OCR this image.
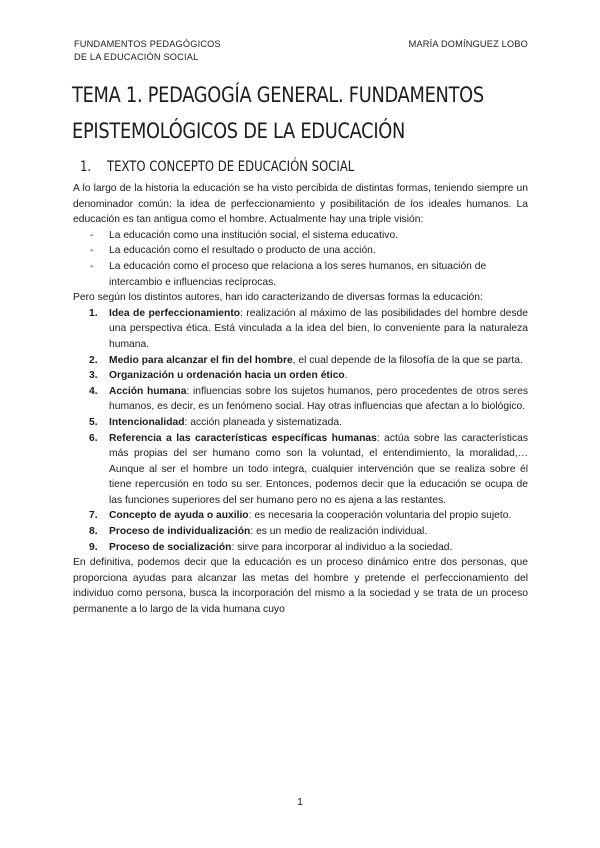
FUNDAMENTOS PEDAGÓGICOS
DE LA EDUCACIÓN SOCIAL
MARÍA DOMÍNGUEZ LOBO
TEMA 1. PEDAGOGÍA GENERAL. FUNDAMENTOS
EPISTEMOLÓGICOS DE LA EDUCACIÓN
1. TEXTO CONCEPTO DE EDUCACIÓN SOCIAL

A lo largo de la historia la educación se ha visto percibida de distintas formas, teniendo siempre un denominador común: la idea de perfeccionamiento y posibilitación de los ideales humanos. La educación es tan antigua como el hombre. Actualmente hay una triple visión:

- La educación como una institución social, el sistema educativo.
- La educación como el resultado o producto de una acción.
- La educación como el proceso que relaciona a los seres humanos, en situación de intercambio e influencias recíprocas.

Pero según los distintos autores, han ido caracterizando de diversas formas la educación:

1. Idea de perfeccionamiento: realización al máximo de las posibilidades del hombre desde una perspectiva ética. Está vinculada a la idea del bien, lo conveniente para la naturaleza humana.
2. Medio para alcanzar el fin del hombre, el cual depende de la filosofía de la que se parta.
3. Organización u ordenación hacia un orden ético.
4. Acción humana: influencias sobre los sujetos humanos, pero procedentes de otros seres humanos, es decir, es un fenómeno social. Hay otras influencias que afectan a lo biológico.
5. Intencionalidad: acción planeada y sistematizada.
6. Referencia a las características específicas humanas: actúa sobre las características más propias del ser humano como son la voluntad, el entendimiento, la moralidad,… Aunque al ser el hombre un todo integra, cualquier intervención que se realiza sobre él tiene repercusión en todo su ser. Entonces, podemos decir que la educación se ocupa de las funciones superiores del ser humano pero no es ajena a las restantes.
7. Concepto de ayuda o auxilio: es necesaria la cooperación voluntaria del propio sujeto.
8. Proceso de individualización: es un medio de realización individual.
9. Proceso de socialización: sirve para incorporar al individuo a la sociedad.

En definitiva, podemos decir que la educación es un proceso dinámico entre dos personas, que proporciona ayudas para alcanzar las metas del hombre y pretende el perfeccionamiento del individuo como persona, busca la incorporación del mismo a la sociedad y se trata de un proceso permanente a lo largo de la vida humana cuyo

1
